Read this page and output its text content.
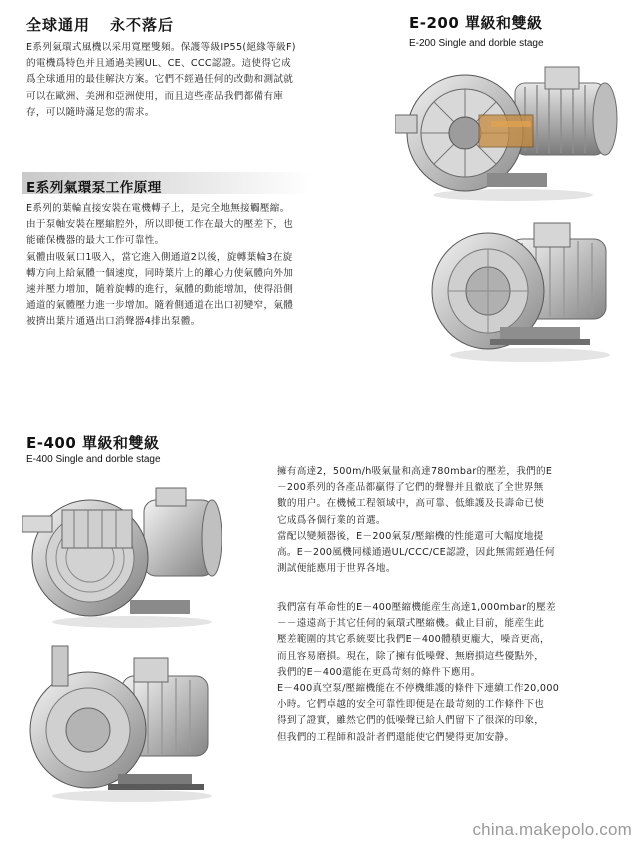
全球通用 永不落后

E系列氣環式風機以采用寬壓雙頻。保護等級IP55(絕緣等級F)

的電機爲特色并且通過美國UL、CE、CCC認證。這使得它成

爲全球通用的最佳解決方案。它們不經過任何的改動和測試就

可以在歐洲、美洲和亞洲使用，而且這些產品我們都備有庫

存，可以隨時滿足您的需求。

E-200 單級和雙級
E-200 Single and dorble stage
E系列氣環泵工作原理

E系列的葉輪直接安裝在電機轉子上，是完全地無接觸壓縮。

由于泵軸安裝在壓縮腔外，所以即便工作在最大的壓差下，也

能確保機器的最大工作可靠性。

氣體由吸氣口1吸入，當它進入側通道2以後，旋轉葉輪3在旋

轉方向上給氣體一個速度，同時葉片上的離心力使氣體向外加

速并壓力增加，隨着旋轉的進行，氣體的動能增加，使得沿側

通道的氣體壓力進一步增加。隨着側通道在出口初變窄，氣體

被擠出葉片通過出口消聲器4排出泵體。

E-400 單級和雙級
E-400 Single and dorble stage

擁有高達2，500m/h吸氣量和高達780mbar的壓差，我們的E

－200系列的各產品都贏得了它們的聲譽并且徹底了全世界無

數的用户。在機械工程領域中，高可靠、低維護及長壽命已使

它成爲各個行業的首選。

當配以變頻器後，E－200氣泵/壓縮機的性能還可大幅度地提

高。E－200風機同樣通過UL/CCC/CE認證，因此無需經過任何

測試便能應用于世界各地。

我們富有革命性的E－400壓縮機能産生高達1,000mbar的壓差

－－遠遠高于其它任何的氣環式壓縮機。截止目前，能産生此

壓差範圍的其它系統要比我們E－400體積更龐大，噪音更高，

而且容易磨損。現在，除了擁有低噪聲、無磨損這些優點外，

我們的E－400還能在更爲苛刻的條件下應用。

E－400真空泵/壓縮機能在不停機維護的條件下連續工作20,000

小時。它們卓越的安全可靠性即便是在最苛刻的工作條件下也

得到了證實，雖然它們的低噪聲已給人們留下了很深的印象，

但我們的工程師和設計者們還能使它們變得更加安静。

china.makepolo.com
